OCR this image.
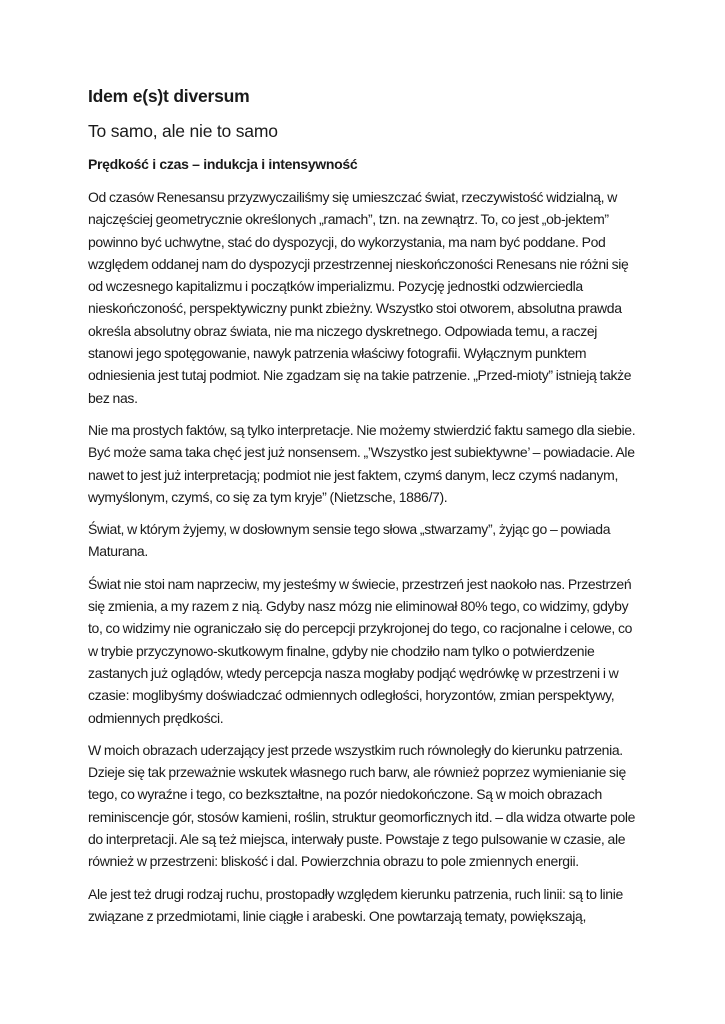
Idem e(s)t diversum
To samo, ale nie to samo
Prędkość i czas – indukcja i intensywność

Od czasów Renesansu przyzwyczailiśmy się umieszczać świat, rzeczywistość widzialną, w najczęściej geometrycznie określonych „ramach”, tzn. na zewnątrz. To, co jest „ob-jektem” powinno być uchwytne, stać do dyspozycji, do wykorzystania, ma nam być poddane. Pod względem oddanej nam do dyspozycji przestrzennej nieskończoności Renesans nie różni się od wczesnego kapitalizmu i początków imperializmu. Pozycję jednostki odzwierciedla nieskończoność, perspektywiczny punkt zbieżny. Wszystko stoi otworem, absolutna prawda określa absolutny obraz świata, nie ma niczego dyskretnego. Odpowiada temu, a raczej stanowi jego spotęgowanie, nawyk patrzenia właściwy fotografii. Wyłącznym punktem odniesienia jest tutaj podmiot. Nie zgadzam się na takie patrzenie. „Przed-mioty” istnieją także bez nas.

Nie ma prostych faktów, są tylko interpretacje. Nie możemy stwierdzić faktu samego dla siebie. Być może sama taka chęć jest już nonsensem. „’Wszystko jest subiektywne’ – powiadacie. Ale nawet to jest już interpretacją; podmiot nie jest faktem, czymś danym, lecz czymś nadanym, wymyślonym, czymś, co się za tym kryje” (Nietzsche, 1886/7).

Świat, w którym żyjemy, w dosłownym sensie tego słowa „stwarzamy”, żyjąc go – powiada Maturana.

Świat nie stoi nam naprzeciw, my jesteśmy w świecie, przestrzeń jest naokoło nas. Przestrzeń się zmienia, a my razem z nią. Gdyby nasz mózg nie eliminował 80% tego, co widzimy, gdyby to, co widzimy nie ograniczało się do percepcji przykrojonej do tego, co racjonalne i celowe, co w trybie przyczynowo-skutkowym finalne, gdyby nie chodziło nam tylko o potwierdzenie zastanych już oglądów, wtedy percepcja nasza mogłaby podjąć wędrówkę w przestrzeni i w czasie: moglibyśmy doświadczać odmiennych odległości, horyzontów, zmian perspektywy, odmiennych prędkości.

W moich obrazach uderzający jest przede wszystkim ruch równoległy do kierunku patrzenia. Dzieje się tak przeważnie wskutek własnego ruch barw, ale również poprzez wymienianie się tego, co wyraźne i tego, co bezkształtne, na pozór niedokończone. Są w moich obrazach reminiscencje gór, stosów kamieni, roślin, struktur geomorficznych itd. – dla widza otwarte pole do interpretacji. Ale są też miejsca, interwały puste. Powstaje z tego pulsowanie w czasie, ale również w przestrzeni: bliskość i dal. Powierzchnia obrazu to pole zmiennych energii.

Ale jest też drugi rodzaj ruchu, prostopadły względem kierunku patrzenia, ruch linii: są to linie związane z przedmiotami, linie ciągłe i arabeski. One powtarzają tematy, powiększają,
